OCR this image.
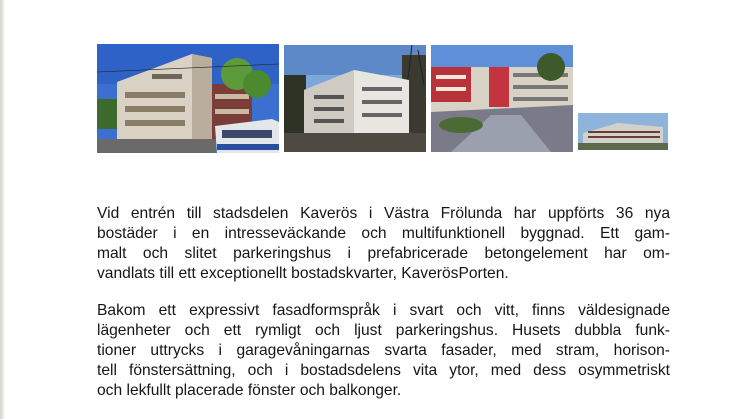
Vid entrén till stadsdelen Kaverös i Västra Frölunda har uppförts 36 nya
bostäder i en intresseväckande och multifunktionell byggnad. Ett gam-
malt och slitet parkeringshus i prefabricerade betongelement har om-
vandlats till ett exceptionellt bostadskvarter, KaverösPorten.
Bakom ett expressivt fasadformspråk i svart och vitt, finns väldesignade
lägenheter och ett rymligt och ljust parkeringshus. Husets dubbla funk-
tioner uttrycks i garagevåningarnas svarta fasader, med stram, horison-
tell fönstersättning, och i bostadsdelens vita ytor, med dess osymmetriskt
och lekfullt placerade fönster och balkonger.
